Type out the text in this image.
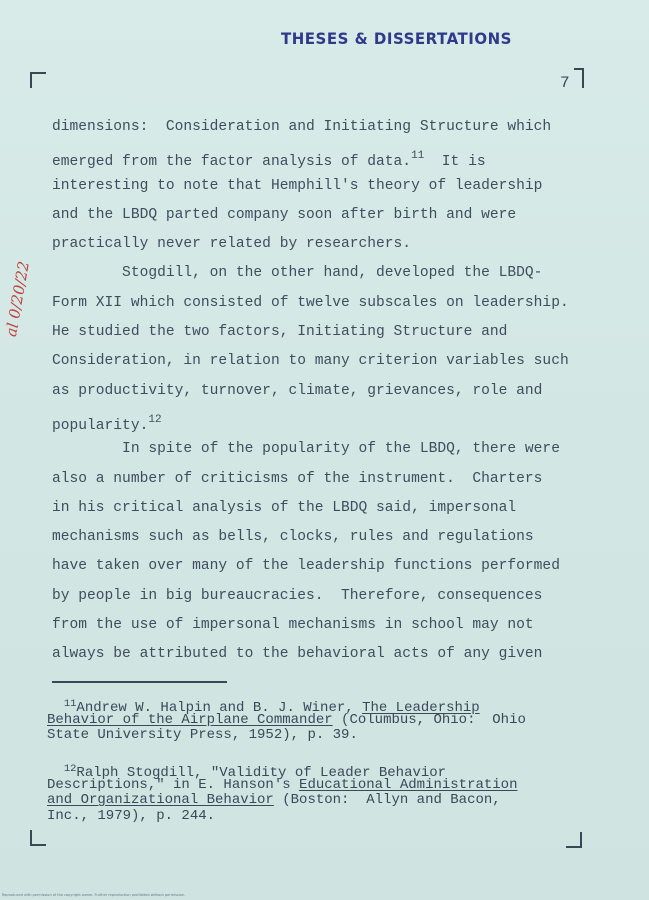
THESES & DISSERTATIONS
7
al 0/20/22
dimensions:  Consideration and Initiating Structure which
emerged from the factor analysis of data.$^{11}$  It is
interesting to note that Hemphill's theory of leadership
and the LBDQ parted company soon after birth and were
practically never related by researchers.
Stogdill, on the other hand, developed the LBDQ-
Form XII which consisted of twelve subscales on leadership.
He studied the two factors, Initiating Structure and
Consideration, in relation to many criterion variables such
as productivity, turnover, climate, grievances, role and
popularity.$^{12}$
In spite of the popularity of the LBDQ, there were
also a number of criticisms of the instrument.  Charters
in his critical analysis of the LBDQ said, impersonal
mechanisms such as bells, clocks, rules and regulations
have taken over many of the leadership functions performed
by people in big bureaucracies.  Therefore, consequences
from the use of impersonal mechanisms in school may not
always be attributed to the behavioral acts of any given
$^{11}$Andrew W. Halpin and B. J. Winer, The Leadership
Behavior of the Airplane Commander (Columbus, Ohio:  Ohio
State University Press, 1952), p. 39.
$^{12}$Ralph Stogdill, "Validity of Leader Behavior
Descriptions," in E. Hanson's Educational Administration
and Organizational Behavior (Boston:  Allyn and Bacon,
Inc., 1979), p. 244.
Reproduced with permission of the copyright owner. Further reproduction prohibited without permission.
